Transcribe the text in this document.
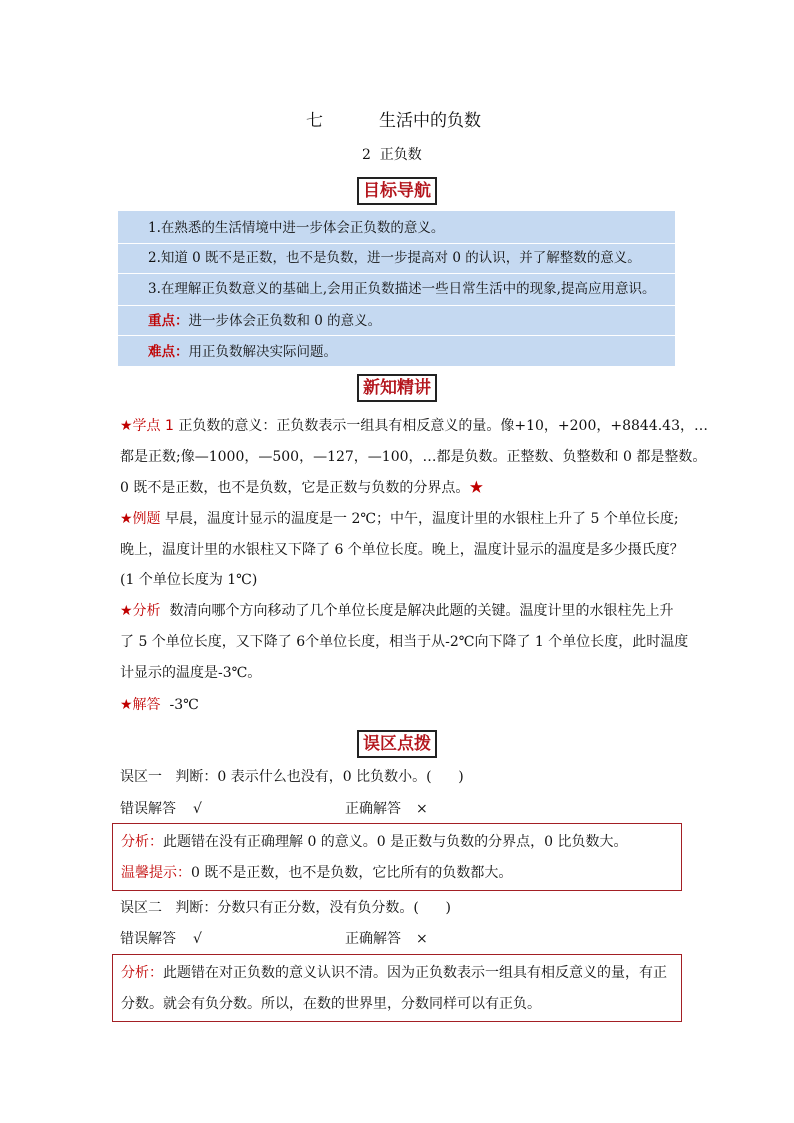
七	生活中的负数
2  正负数
目标导航
1.在熟悉的生活情境中进一步体会正负数的意义。
2.知道 0 既不是正数，也不是负数，进一步提高对 0 的认识，并了解整数的意义。
3.在理解正负数意义的基础上,会用正负数描述一些日常生活中的现象,提高应用意识。
重点：进一步体会正负数和 0 的意义。
难点：用正负数解决实际问题。
新知精讲
★学点 1 正负数的意义：正负数表示一组具有相反意义的量。像+10，+200，+8844.43，…
都是正数;像—1000，—500，—127，—100，…都是负数。正整数、负整数和 0 都是整数。
0 既不是正数，也不是负数，它是正数与负数的分界点。★
★例题 早晨，温度计显示的温度是一 2℃；中午，温度计里的水银柱上升了 5 个单位长度;
晚上，温度计里的水银柱又下降了 6 个单位长度。晚上，温度计显示的温度是多少摄氏度？
(1 个单位长度为 1℃)
★分析  数清向哪个方向移动了几个单位长度是解决此题的关键。温度计里的水银柱先上升
了 5 个单位长度，又下降了 6个单位长度，相当于从-2℃向下降了 1 个单位长度，此时温度
计显示的温度是-3℃。
★解答  -3℃
误区点拨
误区一   判断：0 表示什么也没有，0 比负数小。(      )
错误解答 √	正确解答 ×
分析：此题错在没有正确理解 0 的意义。0 是正数与负数的分界点，0 比负数大。
温馨提示：0 既不是正数，也不是负数，它比所有的负数都大。
误区二   判断：分数只有正分数，没有负分数。(      )
错误解答 √	正确解答 ×
分析：此题错在对正负数的意义认识不清。因为正负数表示一组具有相反意义的量，有正
分数。就会有负分数。所以，在数的世界里，分数同样可以有正负。
